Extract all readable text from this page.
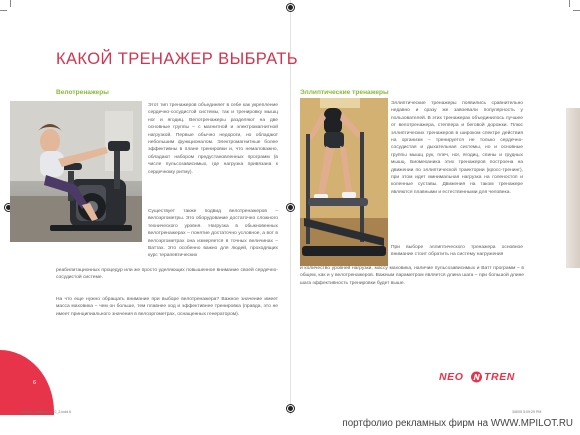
КАКОЙ ТРЕНАЖЕР ВЫБРАТЬ
Велотренажеры
Этот тип тренажеров объединяет в себе как укрепление сердечно-сосудистой системы, так и тренировку мышц ног и ягодиц. Велотренажеры разделяют на две основные группы – с магнитной и электромагнитной нагрузкой. Первые обычно недороги, но обладают небольшим функционалом. Электромагнитные более эффективны в плане тренировки и, что немаловажно, обладают набором предустановленных программ (в числе пульсозависимых, где нагрузка привязана к сердечному ритму).
Существует также подвид велотренажеров – велоэргометры. Это оборудование достаточно сложного технического уровня. Нагрузка в обыкновенных велотренажерах – понятие достаточно условное, а вот в велоэргометрах она измеряется в точных величинах – Ваттах. Это особенно важно для людей, проходящих курс терапевтических
реабилитационных процедур или же просто уделяющих повышенное внимание своей сердечно-сосудистой системе.
На что еще нужно обращать внимание при выборе велотренажера? Важное значение имеет масса маховика – чем он больше, тем плавнее ход и эффективнее тренировка (правда, это не имеет принципиального значения в велоэргометрах, оснащенных генератором).
6
Эллиптические тренажеры
Эллиптические тренажеры появились сравнительно недавно и сразу же завоевали популярность у пользователей. В этих тренажерах объединилось лучшее от велотренажера, степпера и беговой дорожки. Плюс эллиптических тренажеров в широком спектре действия на организм – тренируется не только сердечно-сосудистая и дыхательная системы, но и основные группы мышц рук, плеч, ног, ягодиц, спины и грудных мышц. Биомеханика этих тренажеров построена на движении по эллиптической траектории (кросс-тренинг), при этом идет минимальная нагрузка на голеностоп и коленные суставы. Движения на таком тренажере являются плавными и естественными для человека.
При выборе эллиптического тренажера основное внимание стоит обратить на систему нагружения
и количество уровней нагрузки, массу маховика, наличие пульсозависимых и Ватт программ – в общем, как и у велотренажеров. Важным параметром является длина шага – при большой длине шага эффективность тренировки будет выше.
NEO TREN
Neotren_catlarne_v1.0_2.indd 6	3/8/05 5:09:29 PM
портфолио рекламных фирм на WWW.MPILOT.RU
